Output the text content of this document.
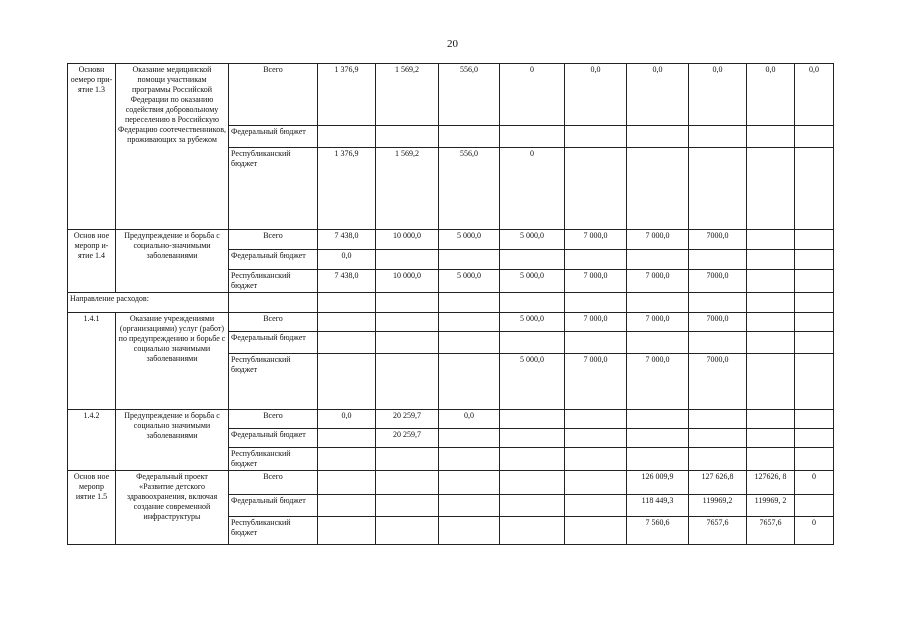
20
Основн оемеро при- ятие 1.3	Оказание медицинской помощи участникам программы Российской Федерации по оказанию содействия добровольному переселению в Российскую Федерацию соотечественников, проживающих за рубежом	Всего	1 376,9	1 569,2	556,0	0	0,0	0,0	0,0	0,0	0,0
		Федеральный бюджет									
		Республиканский бюджет	1 376,9	1 569,2	556,0	0					
Основ ное меропр и-ятие 1.4	Предупреждение и борьба с социально-значимыми заболеваниями	Всего	7 438,0	10 000,0	5 000,0	5 000,0	7 000,0	7 000,0	7000,0		
		Федеральный бюджет	0,0								
		Республиканский бюджет	7 438,0	10 000,0	5 000,0	5 000,0	7 000,0	7 000,0	7000,0		
Направление расходов:											
1.4.1	Оказание учреждениями (организациями) услуг (работ) по предупреждению и борьбе с социально значимыми заболеваниями	Всего				5 000,0	7 000,0	7 000,0	7000,0		
		Федеральный бюджет									
		Республиканский бюджет				5 000,0	7 000,0	7 000,0	7000,0		
1.4.2	Предупреждение и борьба с социально значимыми заболеваниями	Всего	0,0	20 259,7	0,0						
		Федеральный бюджет		20 259,7							
		Республиканский бюджет									
Основ ное меропр иятие 1.5	Федеральный проект «Развитие детского здравоохранения, включая создание современной инфраструктуры	Всего						126 009,9	127 626,8	127626, 8	0
		Федеральный бюджет						118 449,3	119969,2	119969, 2	
		Республиканский бюджет						7 560,6	7657,6	7657,6	0
